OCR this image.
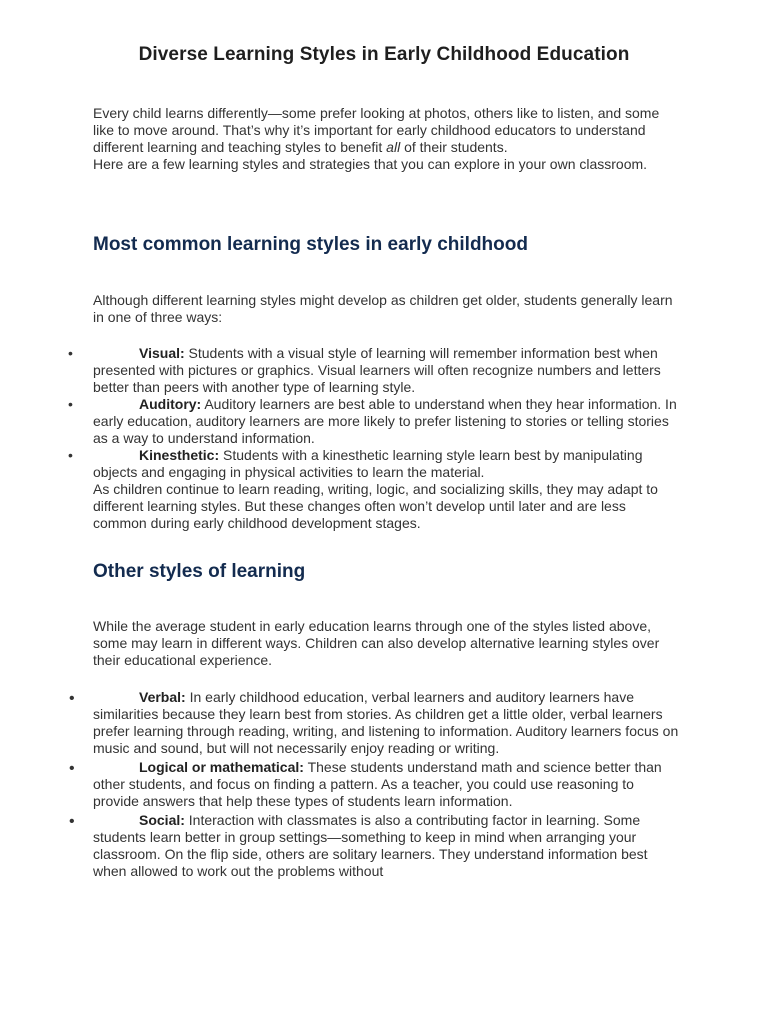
Diverse Learning Styles in Early Childhood Education

Every child learns differently—some prefer looking at photos, others like to listen, and some like to move around. That’s why it’s important for early childhood educators to understand different learning and teaching styles to benefit all of their students.
Here are a few learning styles and strategies that you can explore in your own classroom.

Most common learning styles in early childhood

Although different learning styles might develop as children get older, students generally learn in one of three ways:

•	Visual: Students with a visual style of learning will remember information best when presented with pictures or graphics. Visual learners will often recognize numbers and letters better than peers with another type of learning style.
•	Auditory: Auditory learners are best able to understand when they hear information. In early education, auditory learners are more likely to prefer listening to stories or telling stories as a way to understand information.
•	Kinesthetic: Students with a kinesthetic learning style learn best by manipulating objects and engaging in physical activities to learn the material.
As children continue to learn reading, writing, logic, and socializing skills, they may adapt to different learning styles. But these changes often won’t develop until later and are less common during early childhood development stages.
Other styles of learning

While the average student in early education learns through one of the styles listed above, some may learn in different ways. Children can also develop alternative learning styles over their educational experience.

•	Verbal: In early childhood education, verbal learners and auditory learners have similarities because they learn best from stories. As children get a little older, verbal learners prefer learning through reading, writing, and listening to information. Auditory learners focus on music and sound, but will not necessarily enjoy reading or writing.
•	Logical or mathematical: These students understand math and science better than other students, and focus on finding a pattern. As a teacher, you could use reasoning to provide answers that help these types of students learn information.
•	Social: Interaction with classmates is also a contributing factor in learning. Some students learn better in group settings—something to keep in mind when arranging your classroom. On the flip side, others are solitary learners. They understand information best when allowed to work out the problems without
